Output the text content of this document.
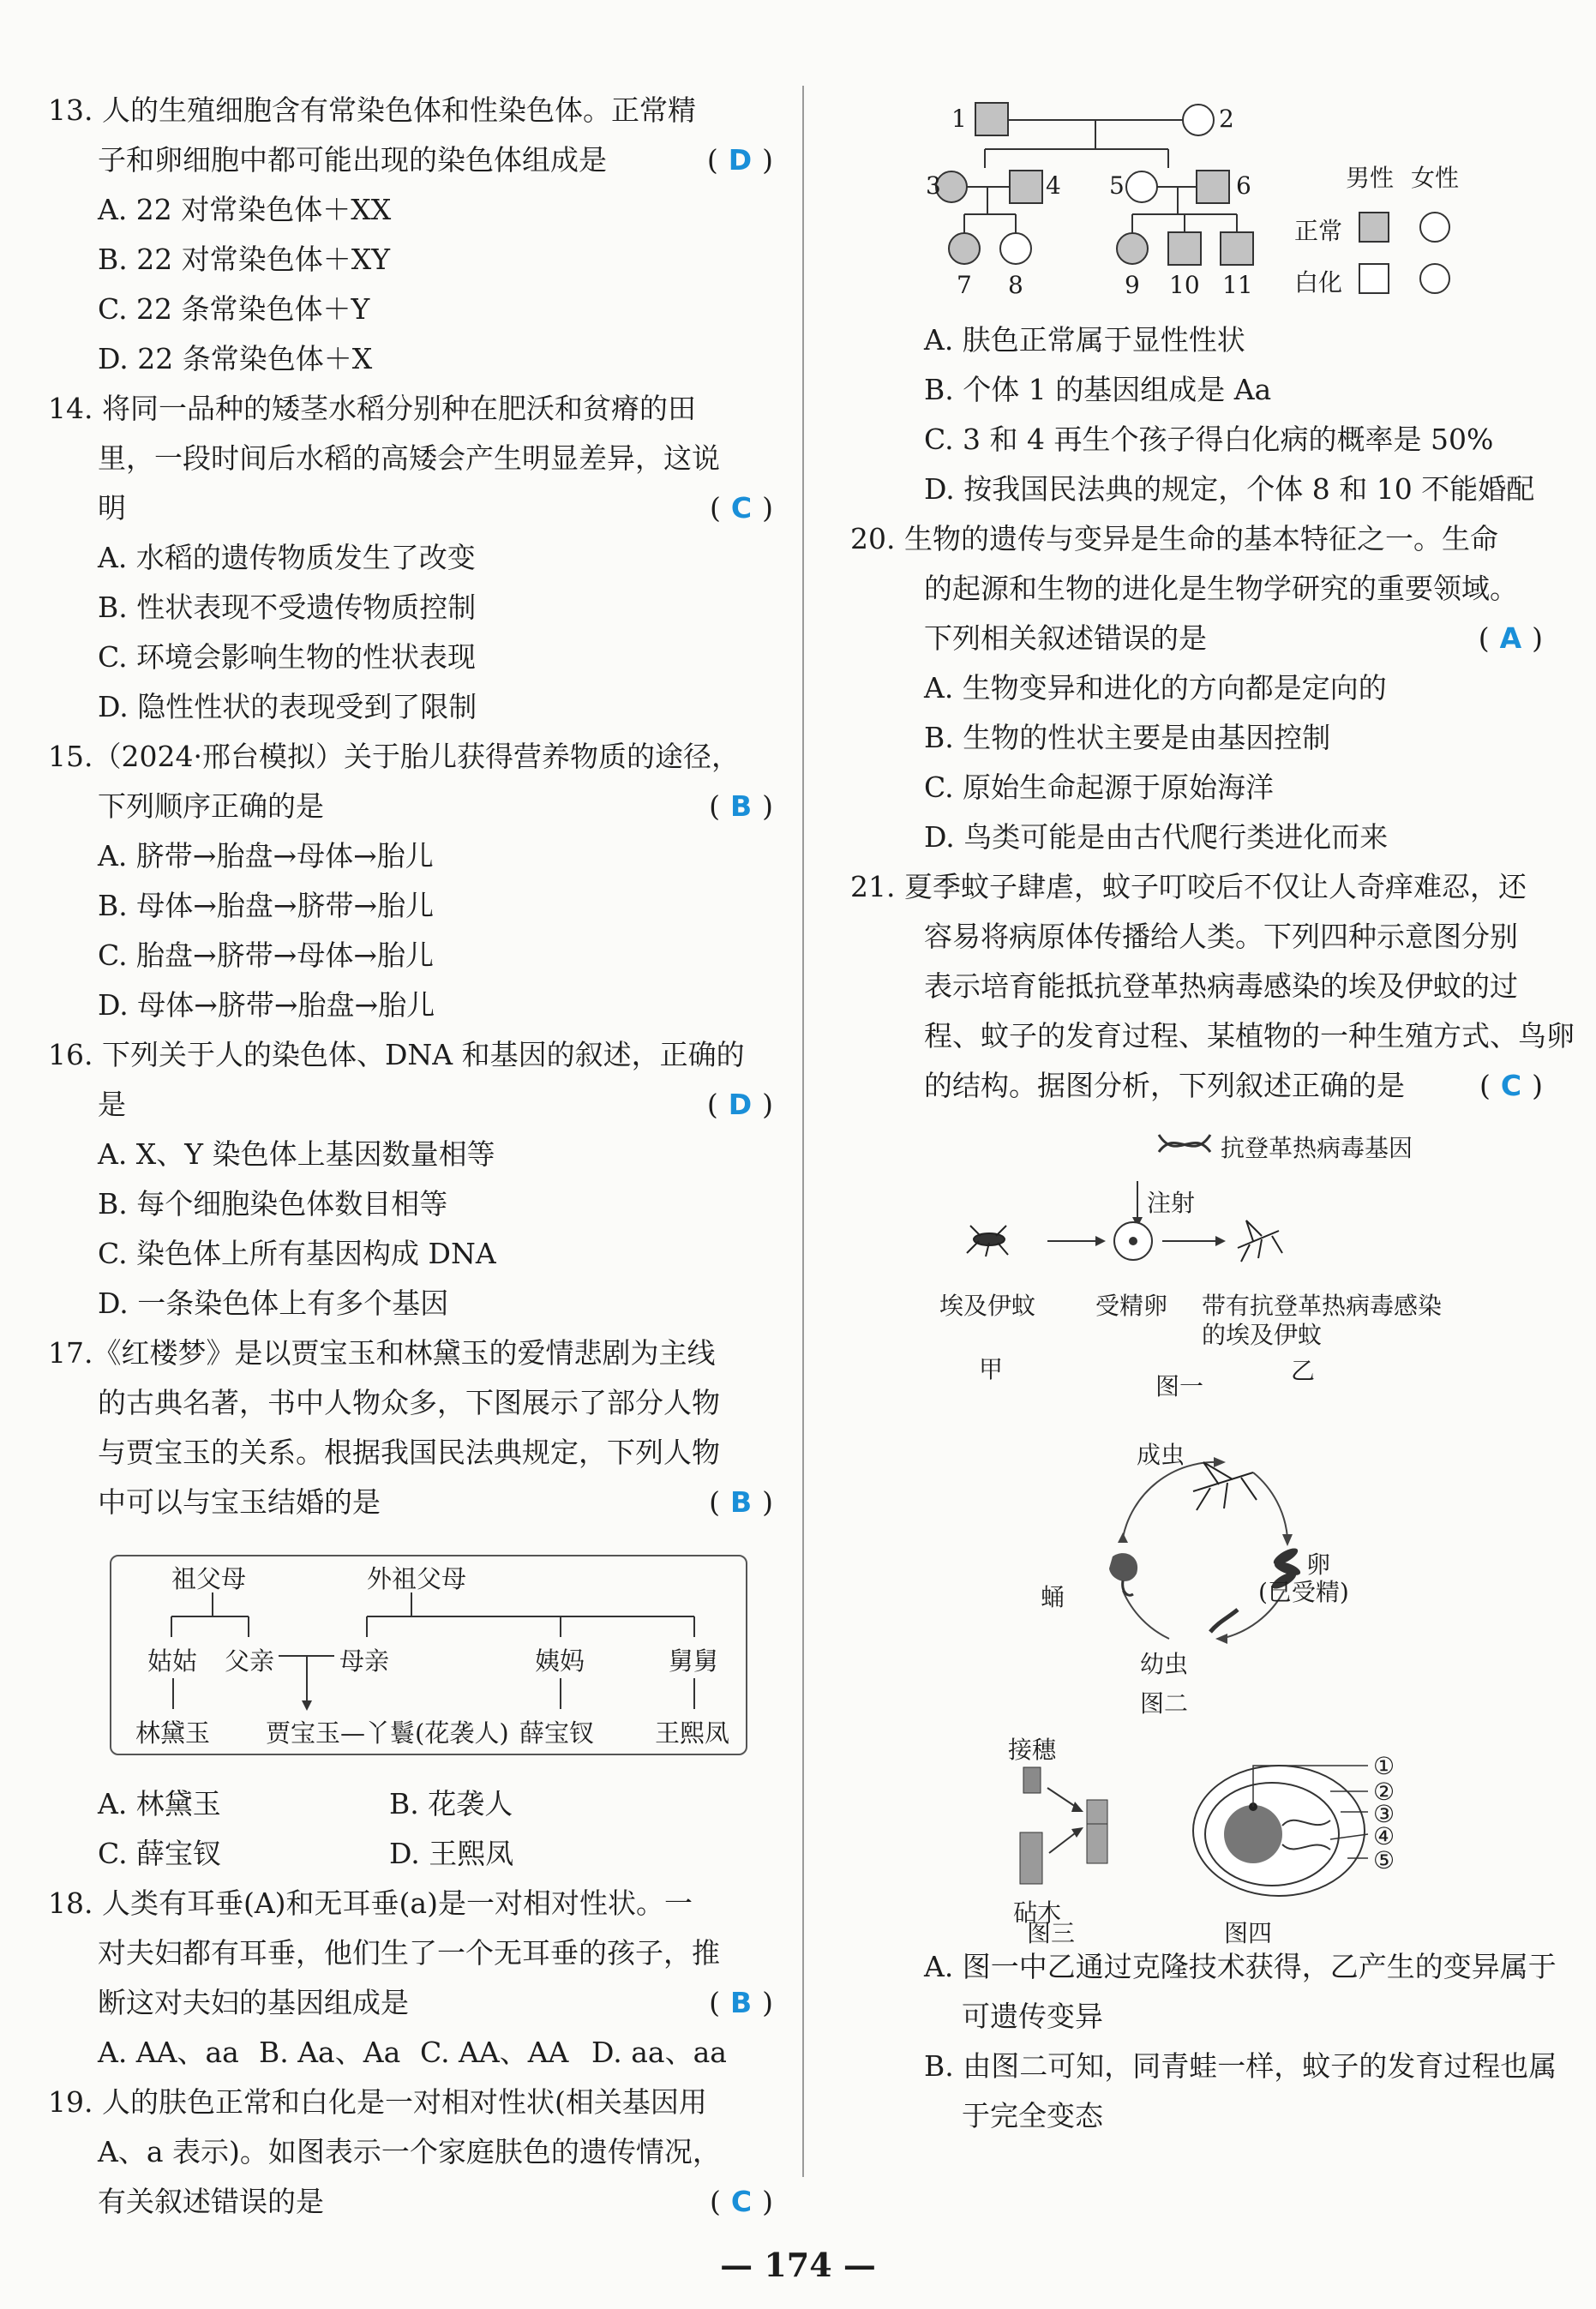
13. 人的生殖细胞含有常染色体和性染色体。正常精
子和卵细胞中都可能出现的染色体组成是	( D )
A. 22 对常染色体＋XX
B. 22 对常染色体＋XY
C. 22 条常染色体＋Y
D. 22 条常染色体＋X
14. 将同一品种的矮茎水稻分别种在肥沃和贫瘠的田
里，一段时间后水稻的高矮会产生明显差异，这说
明	( C )
A. 水稻的遗传物质发生了改变
B. 性状表现不受遗传物质控制
C. 环境会影响生物的性状表现
D. 隐性性状的表现受到了限制
15.（2024·邢台模拟）关于胎儿获得营养物质的途径，
下列顺序正确的是	( B )
A. 脐带→胎盘→母体→胎儿
B. 母体→胎盘→脐带→胎儿
C. 胎盘→脐带→母体→胎儿
D. 母体→脐带→胎盘→胎儿
16. 下列关于人的染色体、DNA 和基因的叙述，正确的
是	( D )
A. X、Y 染色体上基因数量相等
B. 每个细胞染色体数目相等
C. 染色体上所有基因构成 DNA
D. 一条染色体上有多个基因
17.《红楼梦》是以贾宝玉和林黛玉的爱情悲剧为主线
的古典名著，书中人物众多，下图展示了部分人物
与贾宝玉的关系。根据我国民法典规定，下列人物
中可以与宝玉结婚的是	( B )
祖父母	外祖父母
姑姑 父亲	母亲	姨妈	舅舅
林黛玉 贾宝玉—丫鬟(花袭人) 薛宝钗 王熙凤
A. 林黛玉	B. 花袭人
C. 薛宝钗	D. 王熙凤
18. 人类有耳垂(A)和无耳垂(a)是一对相对性状。一
对夫妇都有耳垂，他们生了一个无耳垂的孩子，推
断这对夫妇的基因组成是	( B )
A. AA、aa B. Aa、Aa C. AA、AA D. aa、aa
19. 人的肤色正常和白化是一对相对性状(相关基因用
A、a 表示)。如图表示一个家庭肤色的遗传情况，
有关叙述错误的是	( C )
1	2
3	4 5	6
7 8	9 10 11
男性 女性
正常
白化
A. 肤色正常属于显性性状
B. 个体 1 的基因组成是 Aa
C. 3 和 4 再生个孩子得白化病的概率是 50%
D. 按我国民法典的规定，个体 8 和 10 不能婚配
20. 生物的遗传与变异是生命的基本特征之一。生命
的起源和生物的进化是生物学研究的重要领域。
下列相关叙述错误的是	( A )
A. 生物变异和进化的方向都是定向的
B. 生物的性状主要是由基因控制
C. 原始生命起源于原始海洋
D. 鸟类可能是由古代爬行类进化而来
21. 夏季蚊子肆虐，蚊子叮咬后不仅让人奇痒难忍，还
容易将病原体传播给人类。下列四种示意图分别
表示培育能抵抗登革热病毒感染的埃及伊蚊的过
程、蚊子的发育过程、某植物的一种生殖方式、鸟卵
的结构。据图分析，下列叙述正确的是	( C )
抗登革热病毒基因
注射
埃及伊蚊 受精卵 带有抗登革热病毒感染
的埃及伊蚊
甲	乙
图一
成虫
卵
(已受精)
蛹
幼虫
图二
接穗
砧木
图三
①
②
③
④
⑤
图四
A. 图一中乙通过克隆技术获得，乙产生的变异属于
可遗传变异
B. 由图二可知，同青蛙一样，蚊子的发育过程也属
于完全变态
— 174 —
